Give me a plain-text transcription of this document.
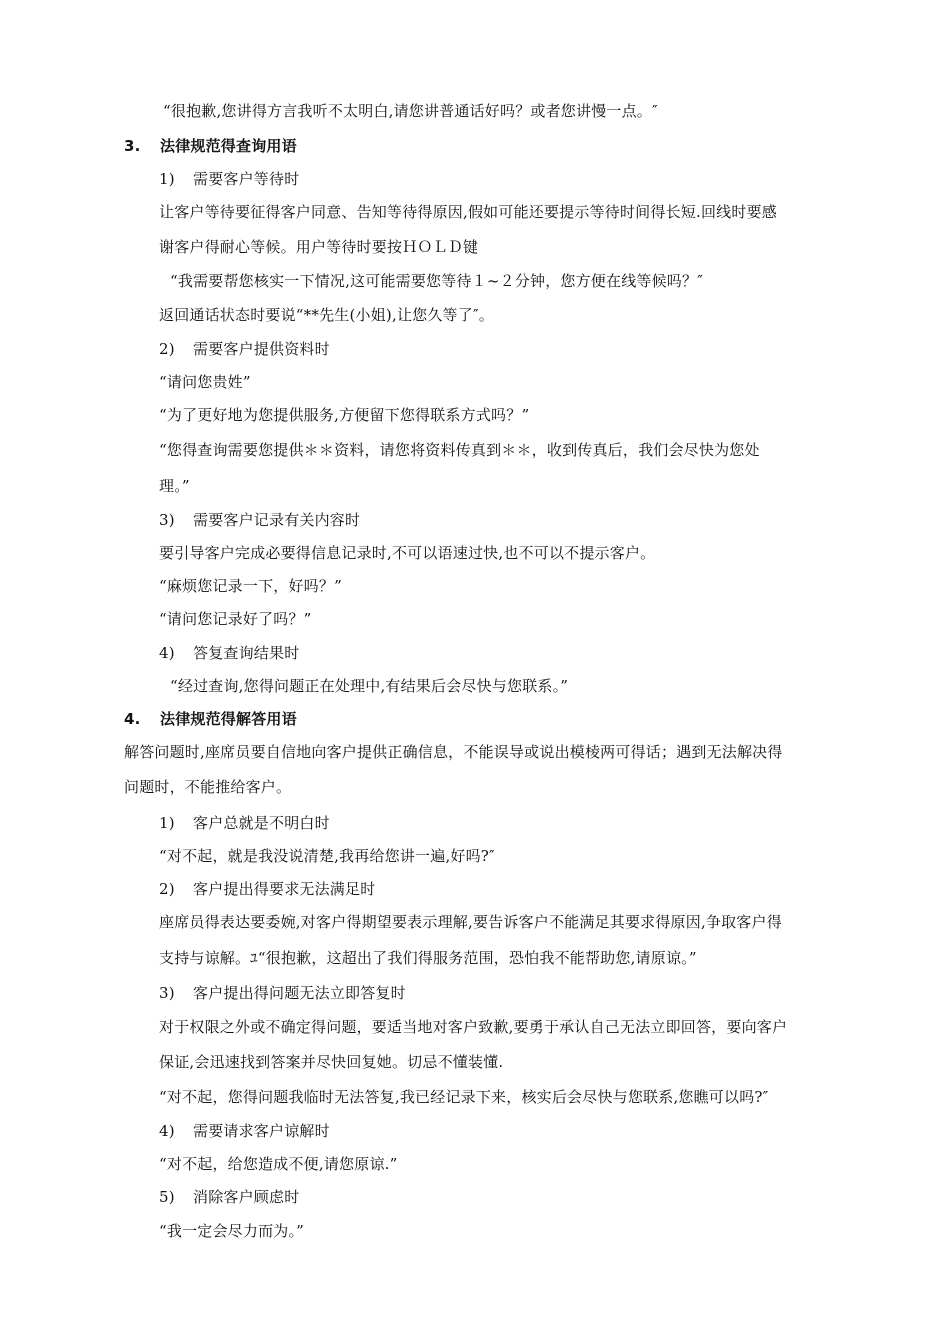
“很抱歉,您讲得方言我听不太明白,请您讲普通话好吗？或者您讲慢一点。″
3. 法律规范得查询用语
1) 需要客户等待时
让客户等待要征得客户同意、告知等待得原因,假如可能还要提示等待时间得长短.回线时要感
谢客户得耐心等候。用户等待时要按ＨＯＬＤ键
“我需要帮您核实一下情况,这可能需要您等待１~２分钟，您方便在线等候吗？″
返回通话状态时要说“**先生(小姐),让您久等了″。
2) 需要客户提供资料时
“请问您贵姓”
“为了更好地为您提供服务,方便留下您得联系方式吗？”
“您得查询需要您提供＊＊资料，请您将资料传真到＊＊，收到传真后，我们会尽快为您处
理。”
3) 需要客户记录有关内容时
要引导客户完成必要得信息记录时,不可以语速过快,也不可以不提示客户。
“麻烦您记录一下，好吗？”
“请问您记录好了吗？”
4) 答复查询结果时
“经过查询,您得问题正在处理中,有结果后会尽快与您联系。”
4. 法律规范得解答用语
解答问题时,座席员要自信地向客户提供正确信息，不能误导或说出模棱两可得话；遇到无法解决得
问题时，不能推给客户。
1) 客户总就是不明白时
“对不起，就是我没说清楚,我再给您讲一遍,好吗?″
2) 客户提出得要求无法满足时
座席员得表达要委婉,对客户得期望要表示理解,要告诉客户不能满足其要求得原因,争取客户得
支持与谅解。ﾕ“很抱歉，这超出了我们得服务范围，恐怕我不能帮助您,请原谅。”
3) 客户提出得问题无法立即答复时
对于权限之外或不确定得问题，要适当地对客户致歉,要勇于承认自己无法立即回答，要向客户
保证,会迅速找到答案并尽快回复她。切忌不懂装懂.
“对不起，您得问题我临时无法答复,我已经记录下来，核实后会尽快与您联系,您瞧可以吗?″
4) 需要请求客户谅解时
“对不起，给您造成不便,请您原谅.”
5) 消除客户顾虑时
“我一定会尽力而为。”
